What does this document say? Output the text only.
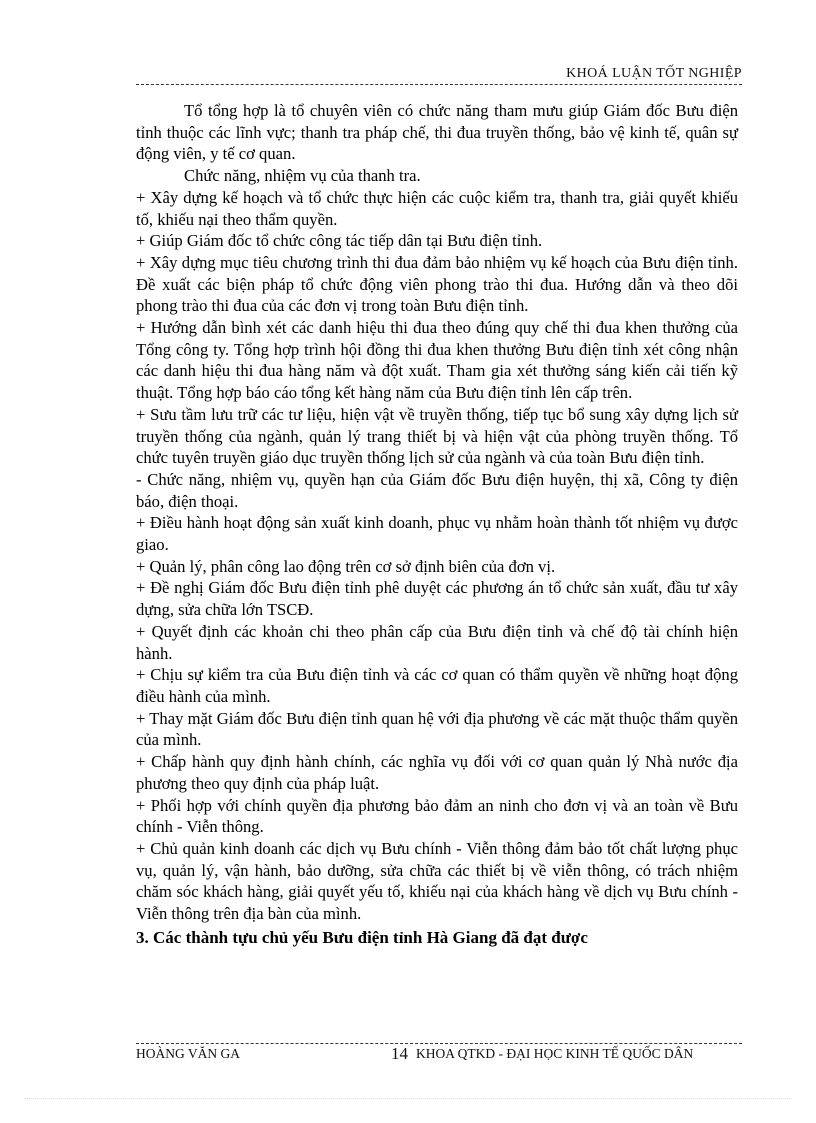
KHOÁ LUẬN TỐT NGHIỆP

Tổ tổng hợp là tổ chuyên viên có chức năng tham mưu giúp Giám đốc Bưu điện tỉnh thuộc các lĩnh vực; thanh tra pháp chế, thi đua truyền thống, bảo vệ kinh tế, quân sự động viên, y tế cơ quan.

Chức năng, nhiệm vụ của thanh tra.

+ Xây dựng kế hoạch và tổ chức thực hiện các cuộc kiểm tra, thanh tra, giải quyết khiếu tố, khiếu nại theo thẩm quyền.

+ Giúp Giám đốc tổ chức công tác tiếp dân tại Bưu điện tỉnh.

+ Xây dựng mục tiêu chương trình thi đua đảm bảo nhiệm vụ kế hoạch của Bưu điện tỉnh. Đề xuất các biện pháp tổ chức động viên phong trào thi đua. Hướng dẫn và theo dõi phong trào thi đua của các đơn vị trong toàn Bưu điện tỉnh.

+ Hướng dẫn bình xét các danh hiệu thi đua theo đúng quy chế thi đua khen thưởng của Tổng công ty. Tổng hợp trình hội đồng thi đua khen thưởng Bưu điện tỉnh xét công nhận các danh hiệu thi đua hàng năm và đột xuất. Tham gia xét thưởng sáng kiến cải tiến kỹ thuật. Tổng hợp báo cáo tổng kết hàng năm của Bưu điện tỉnh lên cấp trên.

+ Sưu tầm lưu trữ các tư liệu, hiện vật về truyền thống, tiếp tục bổ sung xây dựng lịch sử truyền thống của ngành, quản lý trang thiết bị và hiện vật của phòng truyền thống. Tổ chức tuyên truyền giáo dục truyền thống lịch sử của ngành và của toàn Bưu điện tỉnh.

- Chức năng, nhiệm vụ, quyền hạn của Giám đốc Bưu điện huyện, thị xã, Công ty điện báo, điện thoại.

+ Điều hành hoạt động sản xuất kinh doanh, phục vụ nhằm hoàn thành tốt nhiệm vụ được giao.

+ Quản lý, phân công lao động trên cơ sở định biên của đơn vị.

+ Đề nghị Giám đốc Bưu điện tỉnh phê duyệt các phương án tổ chức sản xuất, đầu tư xây dựng, sửa chữa lớn TSCĐ.

+ Quyết định các khoản chi theo phân cấp của Bưu điện tỉnh và chế độ tài chính hiện hành.

+ Chịu sự kiểm tra của Bưu điện tỉnh và các cơ quan có thẩm quyền về những hoạt động điều hành của mình.

+ Thay mặt Giám đốc Bưu điện tỉnh quan hệ với địa phương về các mặt thuộc thẩm quyền của mình.

+ Chấp hành quy định hành chính, các nghĩa vụ đối với cơ quan quản lý Nhà nước địa phương theo quy định của pháp luật.

+ Phối hợp với chính quyền địa phương bảo đảm an ninh cho đơn vị và an toàn về Bưu chính - Viễn thông.

+ Chủ quản kinh doanh các dịch vụ Bưu chính - Viễn thông đảm bảo tốt chất lượng phục vụ, quản lý, vận hành, bảo dưỡng, sửa chữa các thiết bị về viễn thông, có trách nhiệm chăm sóc khách hàng, giải quyết yếu tố, khiếu nại của khách hàng về dịch vụ Bưu chính - Viễn thông trên địa bàn của mình.

3. Các thành tựu chủ yếu Bưu điện tỉnh Hà Giang đã đạt được

HOÀNG VĂN GA	14 KHOA QTKD - ĐẠI HỌC KINH TẾ QUỐC DÂN
